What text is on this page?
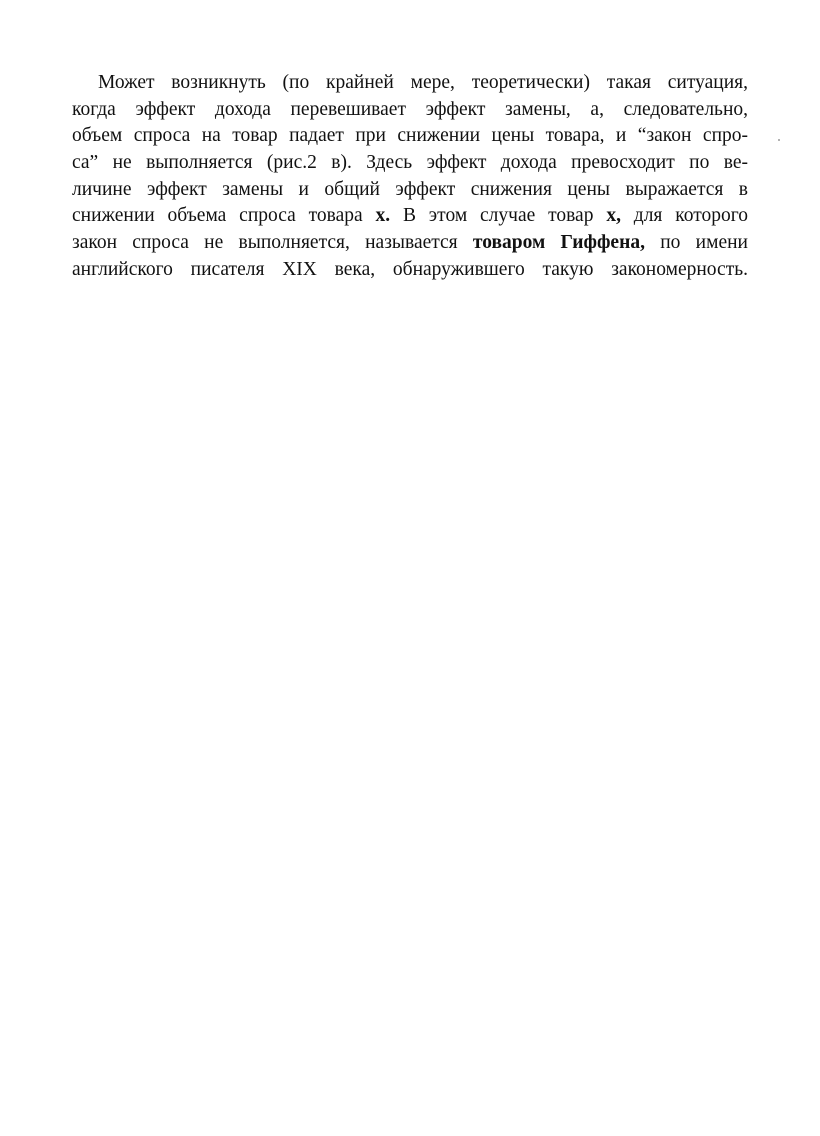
Может возникнуть (по крайней мере, теоретически) такая ситуация,
когда эффект дохода перевешивает эффект замены, а, следовательно,
объем спроса на товар падает при снижении цены товара, и “закон спро-
са” не выполняется (рис.2 в). Здесь эффект дохода превосходит по ве-
личине эффект замены и общий эффект снижения цены выражается в
снижении объема спроса товара x. В этом случае товар x, для которого
закон спроса не выполняется, называется товаром Гиффена, по имени
английского писателя XIX века, обнаружившего такую закономерность.
